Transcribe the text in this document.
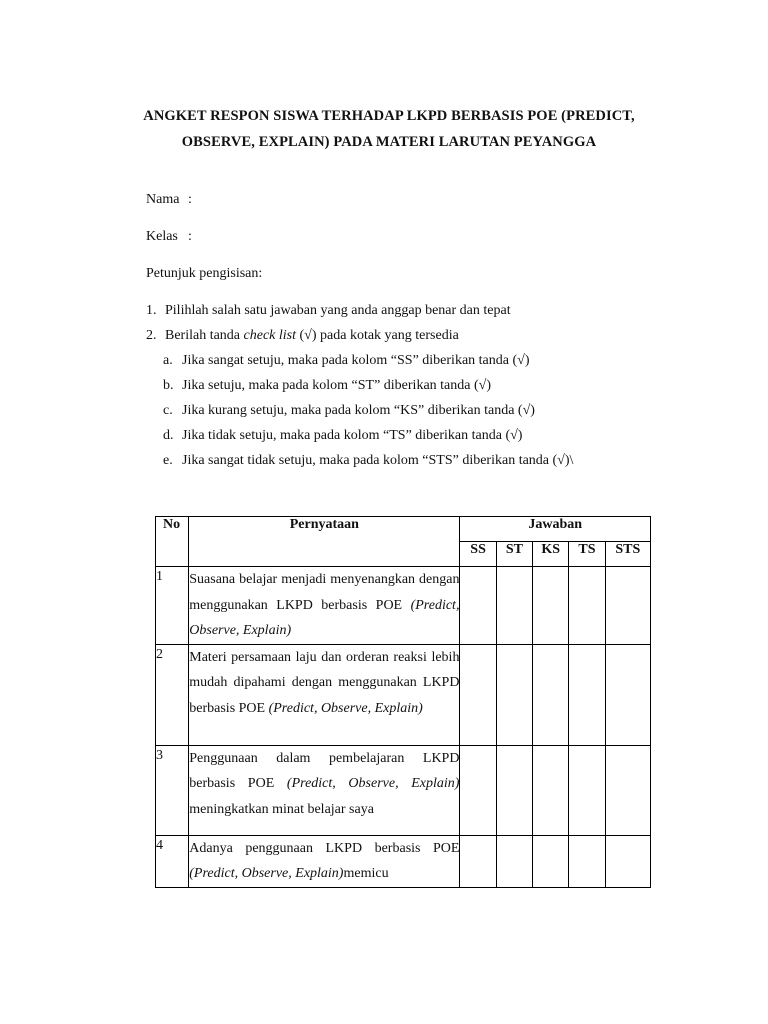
ANGKET RESPON SISWA TERHADAP LKPD BERBASIS POE (PREDICT, OBSERVE, EXPLAIN) PADA MATERI LARUTAN PEYANGGA
Nama :
Kelas :
Petunjuk pengisisan:
1. Pilihlah salah satu jawaban yang anda anggap benar dan tepat
2. Berilah tanda check list (√) pada kotak yang tersedia
a. Jika sangat setuju, maka pada kolom “SS” diberikan tanda (√)
b. Jika setuju, maka pada kolom “ST” diberikan tanda (√)
c. Jika kurang setuju, maka pada kolom “KS” diberikan tanda (√)
d. Jika tidak setuju, maka pada kolom “TS” diberikan tanda (√)
e. Jika sangat tidak setuju, maka pada kolom “STS” diberikan tanda (√)\
No	Pernyataan	Jawaban				
		SS	ST	KS	TS	STS
1	Suasana belajar menjadi menyenangkan dengan menggunakan LKPD berbasis POE (Predict, Observe, Explain)					
2	Materi persamaan laju dan orderan reaksi lebih mudah dipahami dengan menggunakan LKPD berbasis POE (Predict, Observe, Explain)					
3	Penggunaan dalam pembelajaran LKPD berbasis POE (Predict, Observe, Explain) meningkatkan minat belajar saya					
4	Adanya penggunaan LKPD berbasis POE (Predict, Observe, Explain)memicu					
